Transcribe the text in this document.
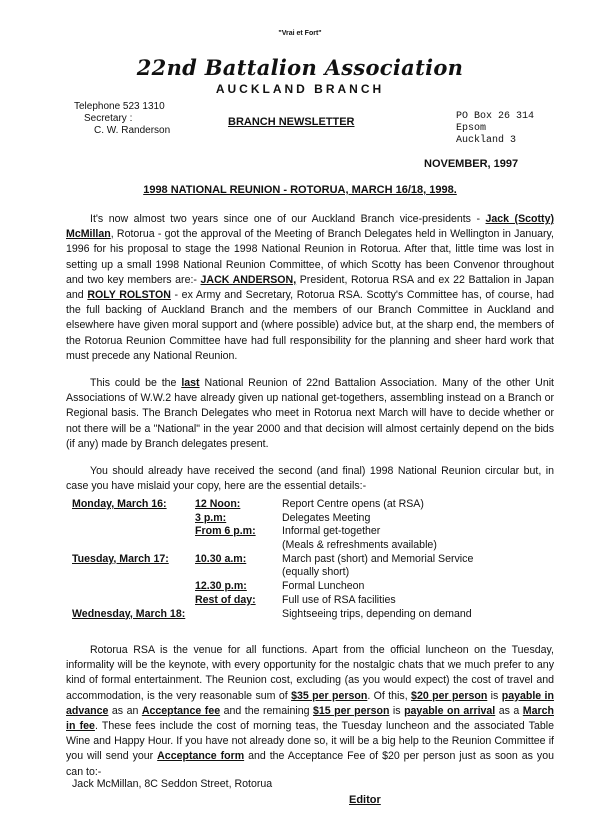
"Vrai et Fort"
22nd Battalion Association
AUCKLAND BRANCH
Telephone 523 1310
Secretary :
C. W. Randerson
BRANCH NEWSLETTER	PO Box 26 314
Epsom
Auckland 3
NOVEMBER, 1997
1998 NATIONAL REUNION - ROTORUA, MARCH 16/18, 1998.
It's now almost two years since one of our Auckland Branch vice-presidents - Jack (Scotty) McMillan, Rotorua - got the approval of the Meeting of Branch Delegates held in Wellington in January, 1996 for his proposal to stage the 1998 National Reunion in Rotorua. After that, little time was lost in setting up a small 1998 National Reunion Committee, of which Scotty has been Convenor throughout and two key members are:- JACK ANDERSON, President, Rotorua RSA and ex 22 Battalion in Japan and ROLY ROLSTON - ex Army and Secretary, Rotorua RSA. Scotty's Committee has, of course, had the full backing of Auckland Branch and the members of our Branch Committee in Auckland and elsewhere have given moral support and (where possible) advice but, at the sharp end, the members of the Rotorua Reunion Committee have had full responsibility for the planning and sheer hard work that must precede any National Reunion.
This could be the last National Reunion of 22nd Battalion Association. Many of the other Unit Associations of W.W.2 have already given up national get-togethers, assembling instead on a Branch or Regional basis. The Branch Delegates who meet in Rotorua next March will have to decide whether or not there will be a "National" in the year 2000 and that decision will almost certainly depend on the bids (if any) made by Branch delegates present.
You should already have received the second (and final) 1998 National Reunion circular but, in case you have mislaid your copy, here are the essential details:-
Monday, March 16:	12 Noon:	Report Centre opens (at RSA)
3 p.m:	Delegates Meeting
From 6 p.m: Informal get-together
(Meals & refreshments available)
Tuesday, March 17: 10.30 a.m:	March past (short) and Memorial Service
(equally short)
12.30 p.m:	Formal Luncheon
Rest of day: Full use of RSA facilities
Wednesday, March 18:	Sightseeing trips, depending on demand
Rotorua RSA is the venue for all functions. Apart from the official luncheon on the Tuesday, informality will be the keynote, with every opportunity for the nostalgic chats that we much prefer to any kind of formal entertainment. The Reunion cost, excluding (as you would expect) the cost of travel and accommodation, is the very reasonable sum of $35 per person. Of this, $20 per person is payable in advance as an Acceptance fee and the remaining $15 per person is payable on arrival as a March in fee. These fees include the cost of morning teas, the Tuesday luncheon and the associated Table Wine and Happy Hour. If you have not already done so, it will be a big help to the Reunion Committee if you will send your Acceptance form and the Acceptance Fee of $20 per person just as soon as you can to:-
Jack McMillan, 8C Seddon Street, Rotorua
Editor
